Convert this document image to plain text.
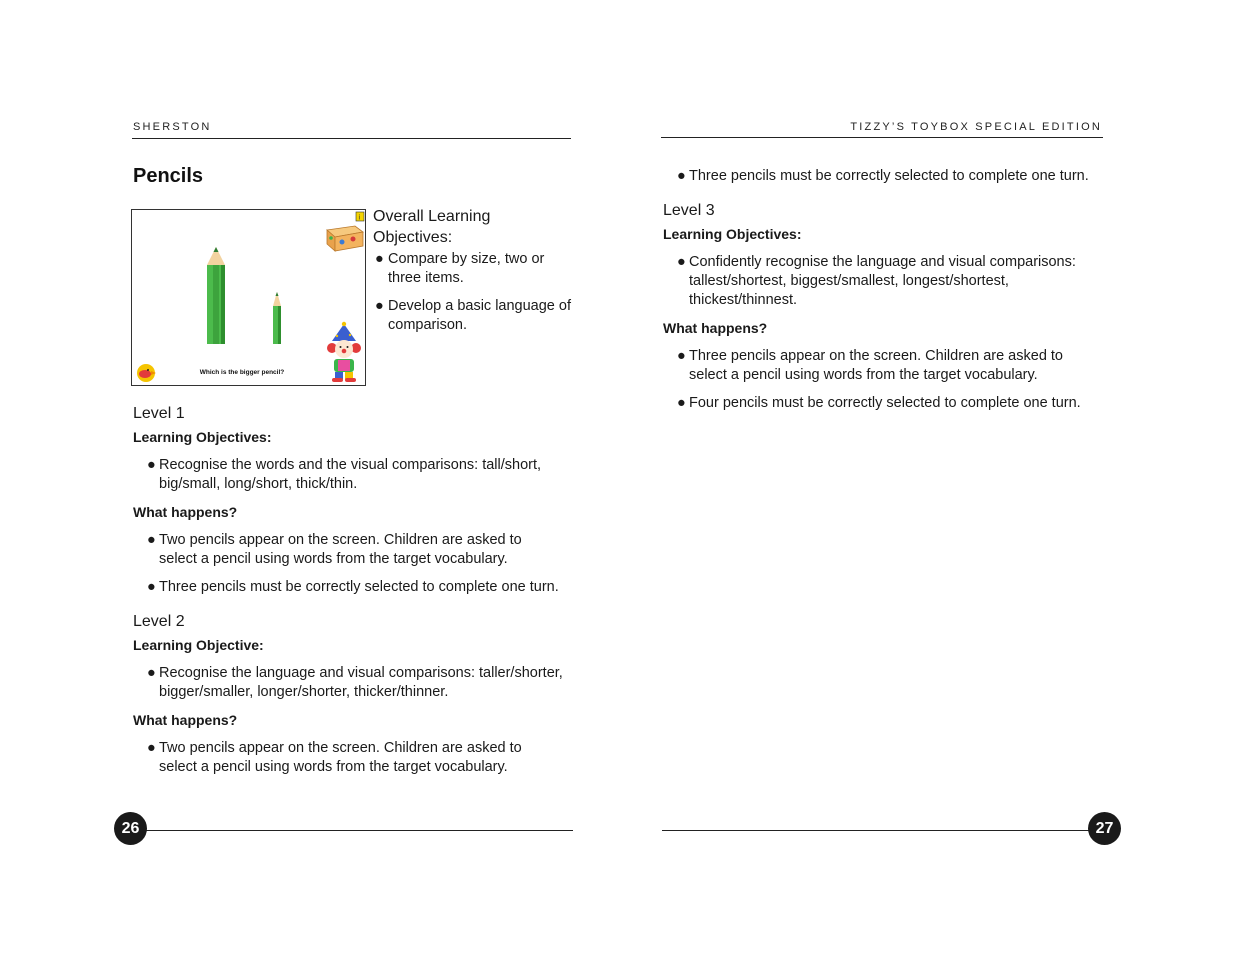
SHERSTON	TIZZY’S TOYBOX SPECIAL EDITION
Pencils
i
Which is the bigger pencil?
Overall Learning
Objectives:
● Compare by size, two or three items.
● Develop a basic language of comparison.
Level 1
Learning Objectives:
● Recognise the words and the visual comparisons: tall/short, big/small, long/short, thick/thin.
What happens?
● Two pencils appear on the screen. Children are asked to select a pencil using words from the target vocabulary.
● Three pencils must be correctly selected to complete one turn.
Level 2
Learning Objective:
● Recognise the language and visual comparisons: taller/shorter, bigger/smaller, longer/shorter, thicker/thinner.
What happens?
● Two pencils appear on the screen. Children are asked to select a pencil using words from the target vocabulary.
● Three pencils must be correctly selected to complete one turn.
Level 3
Learning Objectives:
● Confidently recognise the language and visual comparisons: tallest/shortest, biggest/smallest, longest/shortest, thickest/thinnest.
What happens?
● Three pencils appear on the screen. Children are asked to select a pencil using words from the target vocabulary.
● Four pencils must be correctly selected to complete one turn.
26	27
